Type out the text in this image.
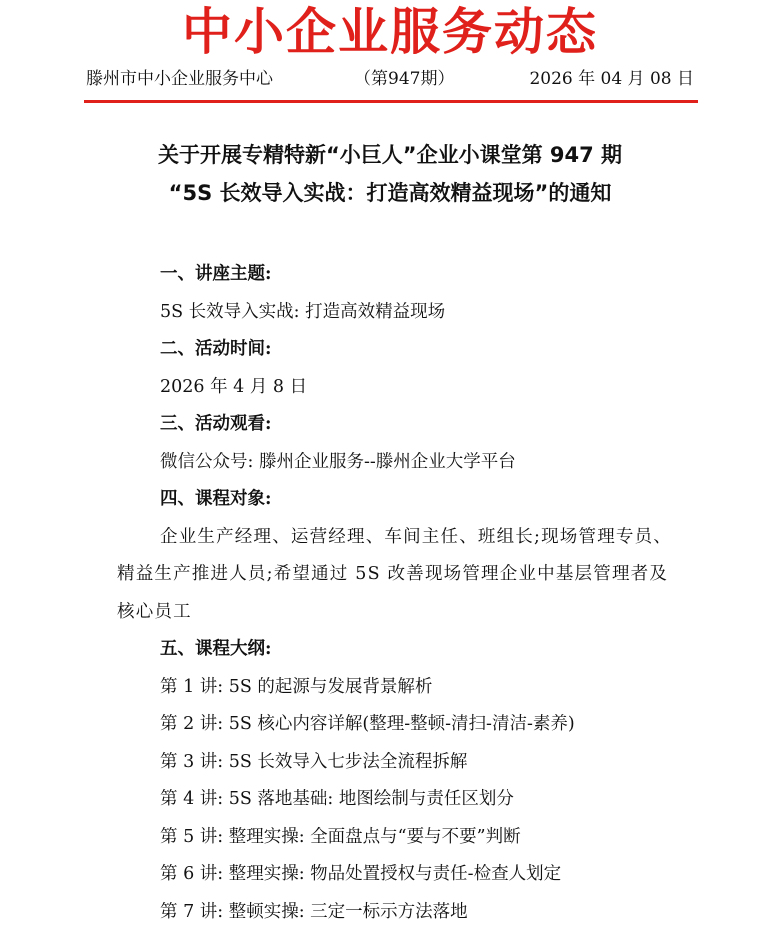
中小企业服务动态
滕州市中小企业服务中心	（第947期）	2026 年 04 月 08 日
关于开展专精特新“小巨人”企业小课堂第 947 期
“5S 长效导入实战：打造高效精益现场”的通知
一、讲座主题:
5S 长效导入实战: 打造高效精益现场
二、活动时间:
2026 年 4 月 8 日
三、活动观看:
微信公众号: 滕州企业服务--滕州企业大学平台
四、课程对象:
企业生产经理、运营经理、车间主任、班组长;现场管理专员、精益生产推进人员;希望通过 5S 改善现场管理企业中基层管理者及核心员工
五、课程大纲:
第 1 讲: 5S 的起源与发展背景解析
第 2 讲: 5S 核心内容详解(整理-整顿-清扫-清洁-素养)
第 3 讲: 5S 长效导入七步法全流程拆解
第 4 讲: 5S 落地基础: 地图绘制与责任区划分
第 5 讲: 整理实操: 全面盘点与“要与不要”判断
第 6 讲: 整理实操: 物品处置授权与责任-检查人划定
第 7 讲: 整顿实操: 三定一标示方法落地
